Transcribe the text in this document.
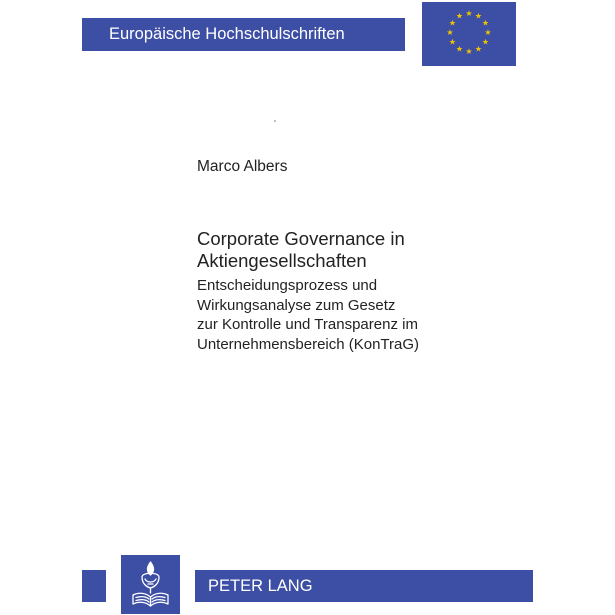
Europäische Hochschulschriften
★ ★
★
★
★
★
★
★
★
★
★
★
Marco Albers
Corporate Governance in
Aktiengesellschaften
Entscheidungsprozess und
Wirkungsanalyse zum Gesetz
zur Kontrolle und Transparenz im
Unternehmensbereich (KonTraG)
PETER LANG
